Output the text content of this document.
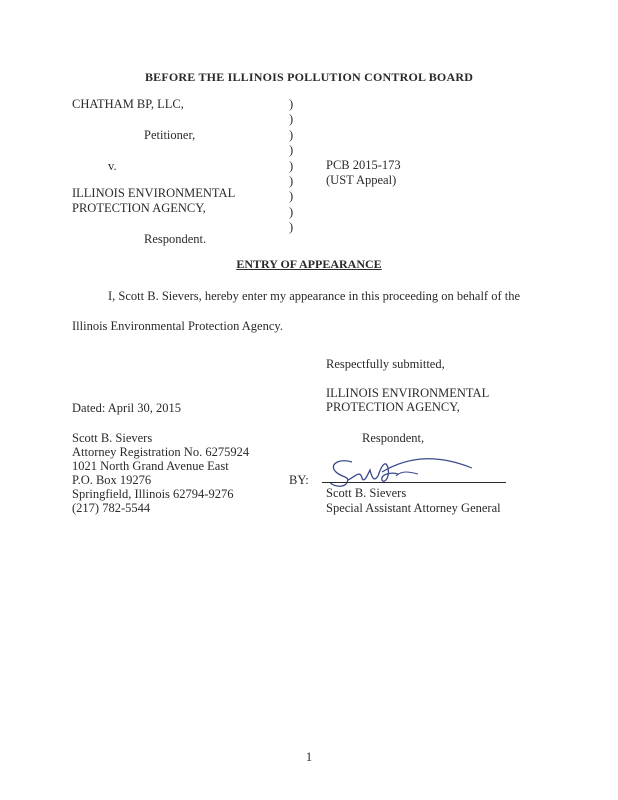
BEFORE THE ILLINOIS POLLUTION CONTROL BOARD
CHATHAM BP, LLC,
Petitioner,
v.
ILLINOIS ENVIRONMENTAL
PROTECTION AGENCY,
Respondent.
)
)
)
)
)
)
)
)
)
PCB 2015-173
(UST Appeal)
ENTRY OF APPEARANCE
I, Scott B. Sievers, hereby enter my appearance in this proceeding on behalf of the
Illinois Environmental Protection Agency.
Respectfully submitted,
ILLINOIS ENVIRONMENTAL
PROTECTION AGENCY,
Dated: April 30, 2015
Respondent,
Scott B. Sievers
Attorney Registration No. 6275924
1021 North Grand Avenue East
P.O. Box 19276
Springfield, Illinois 62794-9276
(217) 782-5544
BY:
Scott B. Sievers
Special Assistant Attorney General
1
